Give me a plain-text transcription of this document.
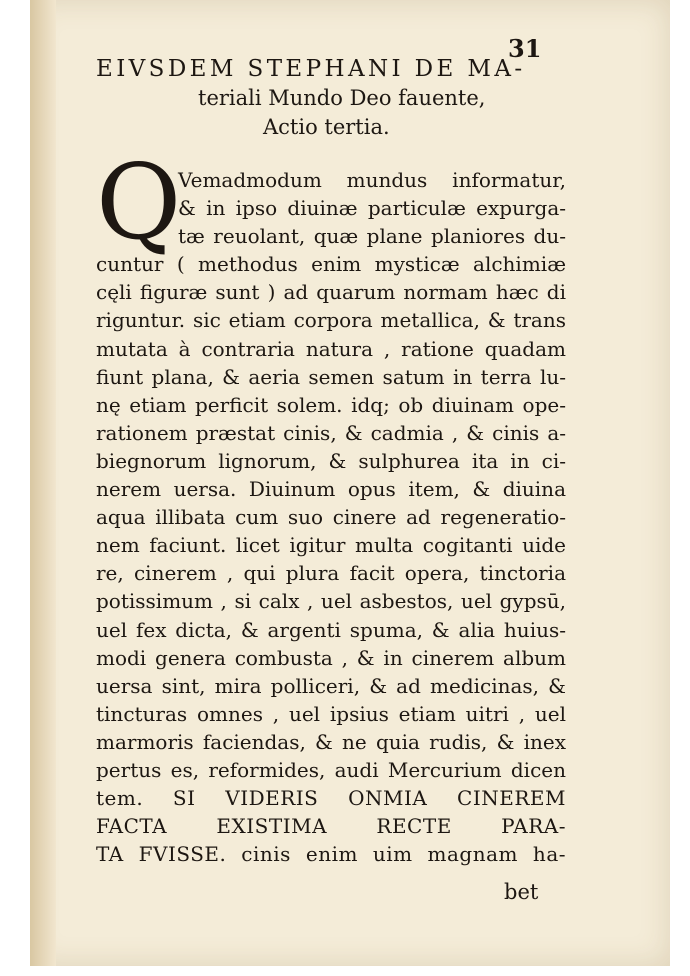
31
EIVSDEM STEPHANI DE MA-
teriali Mundo Deo fauente,
Actio tertia.
Q
Vemadmodum mundus informatur,
& in ipso diuinæ particulæ expurga-
tæ reuolant, quæ plane planiores du-
cuntur ( methodus enim mysticæ alchimiæ
cęli figuræ sunt ) ad quarum normam hæc di
riguntur. sic etiam corpora metallica, & trans
mutata à contraria natura , ratione quadam
fiunt plana, & aeria semen satum in terra lu-
nę etiam perficit solem. idq; ob diuinam ope-
rationem præstat cinis, & cadmia , & cinis a-
biegnorum lignorum, & sulphurea ita in ci-
nerem uersa. Diuinum opus item, & diuina
aqua illibata cum suo cinere ad regeneratio-
nem faciunt. licet igitur multa cogitanti uide
re, cinerem , qui plura facit opera, tinctoria
potissimum , si calx , uel asbestos, uel gypsū,
uel fex dicta, & argenti spuma, & alia huius-
modi genera combusta , & in cinerem album
uersa sint, mira polliceri, & ad medicinas, &
tincturas omnes , uel ipsius etiam uitri , uel
marmoris faciendas, & ne quia rudis, & inex
pertus es, reformides, audi Mercurium dicen
tem. SI VIDERIS ONMIA CINEREM
FACTA EXISTIMA RECTE PARA-
TA FVISSE. cinis enim uim magnam ha-
bet
